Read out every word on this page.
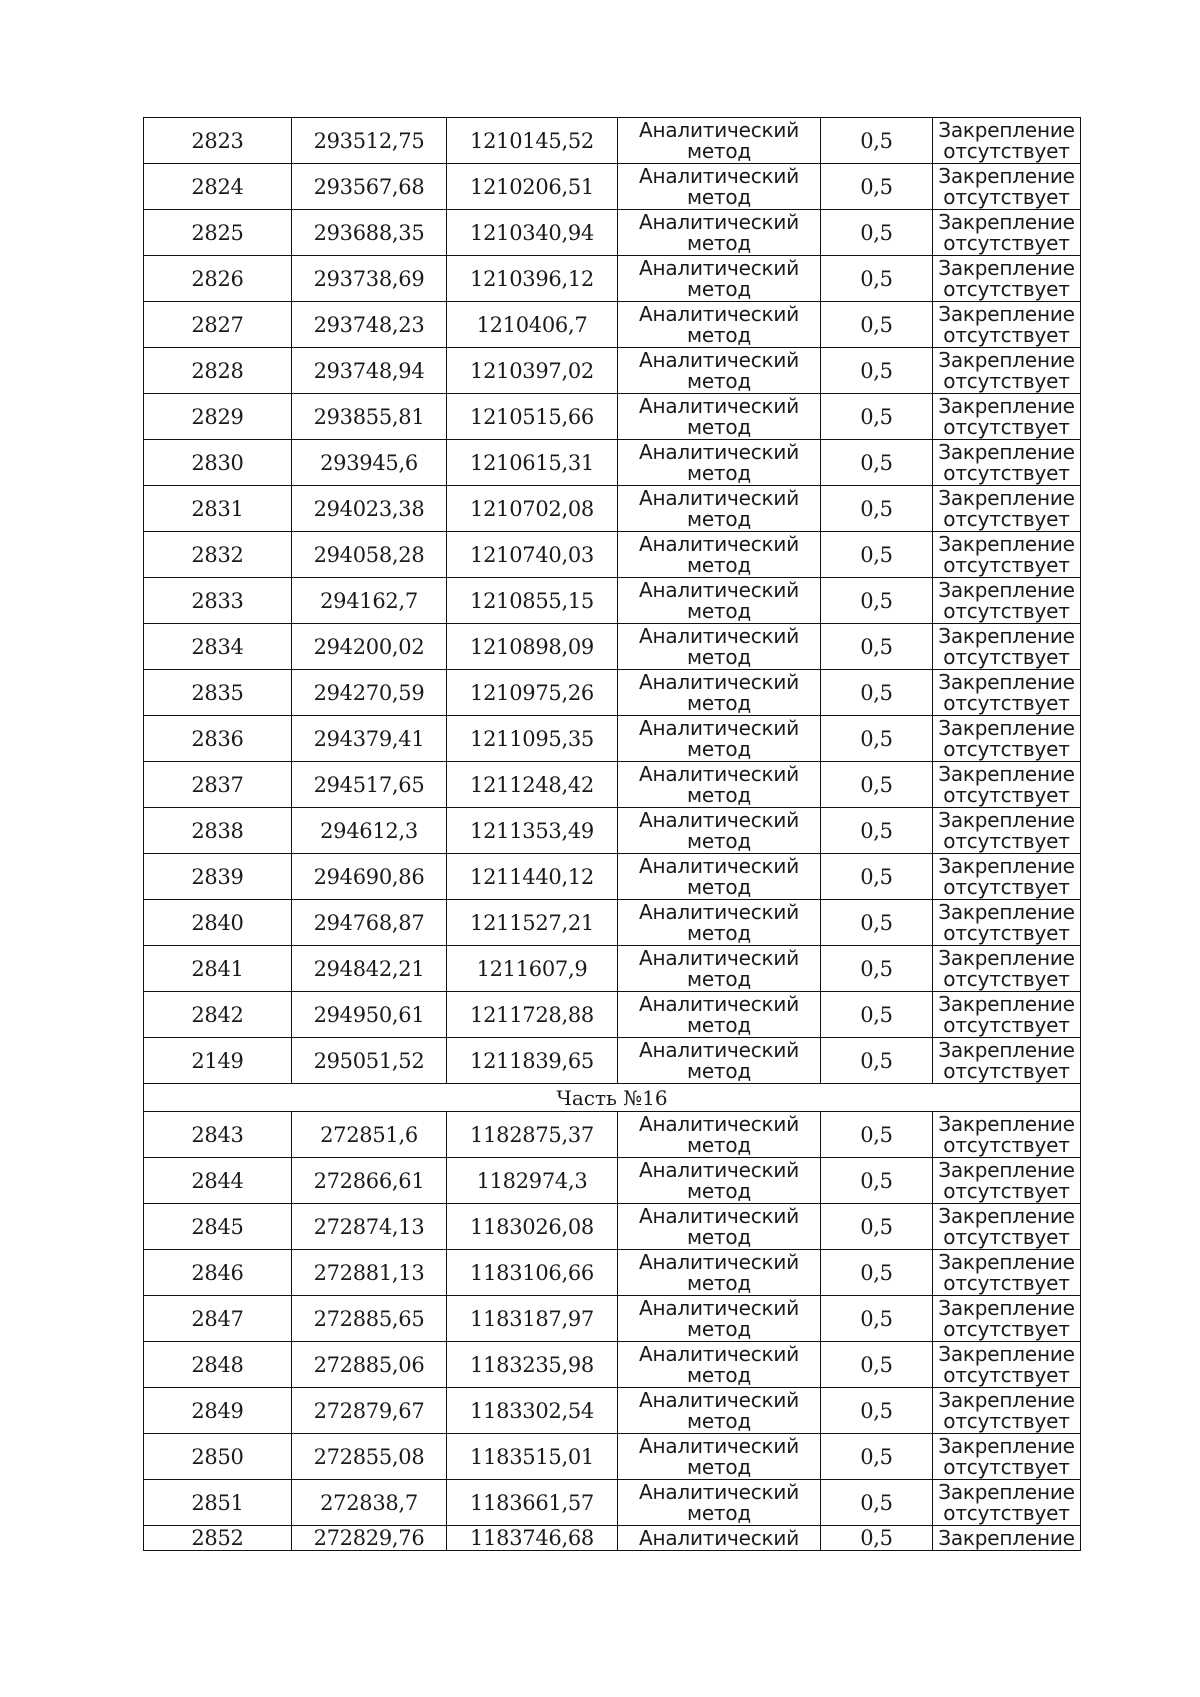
2823	293512,75	1210145,52	Аналитический
метод	0,5	Закрепление
отсутствует

2824	293567,68	1210206,51	Аналитический
метод	0,5	Закрепление
отсутствует

2825	293688,35	1210340,94	Аналитический
метод	0,5	Закрепление
отсутствует

2826	293738,69	1210396,12	Аналитический
метод	0,5	Закрепление
отсутствует

2827	293748,23	1210406,7	Аналитический
метод	0,5	Закрепление
отсутствует

2828	293748,94	1210397,02	Аналитический
метод	0,5	Закрепление
отсутствует

2829	293855,81	1210515,66	Аналитический
метод	0,5	Закрепление
отсутствует

2830	293945,6	1210615,31	Аналитический
метод	0,5	Закрепление
отсутствует

2831	294023,38	1210702,08	Аналитический
метод	0,5	Закрепление
отсутствует

2832	294058,28	1210740,03	Аналитический
метод	0,5	Закрепление
отсутствует

2833	294162,7	1210855,15	Аналитический
метод	0,5	Закрепление
отсутствует

2834	294200,02	1210898,09	Аналитический
метод	0,5	Закрепление
отсутствует

2835	294270,59	1210975,26	Аналитический
метод	0,5	Закрепление
отсутствует

2836	294379,41	1211095,35	Аналитический
метод	0,5	Закрепление
отсутствует

2837	294517,65	1211248,42	Аналитический
метод	0,5	Закрепление
отсутствует

2838	294612,3	1211353,49	Аналитический
метод	0,5	Закрепление
отсутствует

2839	294690,86	1211440,12	Аналитический
метод	0,5	Закрепление
отсутствует

2840	294768,87	1211527,21	Аналитический
метод	0,5	Закрепление
отсутствует

2841	294842,21	1211607,9	Аналитический
метод	0,5	Закрепление
отсутствует

2842	294950,61	1211728,88	Аналитический
метод	0,5	Закрепление
отсутствует

2149	295051,52	1211839,65	Аналитический
метод	0,5	Закрепление
отсутствует

Часть №16					
2843	272851,6	1182875,37	Аналитический
метод	0,5	Закрепление
отсутствует

2844	272866,61	1182974,3	Аналитический
метод	0,5	Закрепление
отсутствует

2845	272874,13	1183026,08	Аналитический
метод	0,5	Закрепление
отсутствует

2846	272881,13	1183106,66	Аналитический
метод	0,5	Закрепление
отсутствует

2847	272885,65	1183187,97	Аналитический
метод	0,5	Закрепление
отсутствует

2848	272885,06	1183235,98	Аналитический
метод	0,5	Закрепление
отсутствует

2849	272879,67	1183302,54	Аналитический
метод	0,5	Закрепление
отсутствует

2850	272855,08	1183515,01	Аналитический
метод	0,5	Закрепление
отсутствует

2851	272838,7	1183661,57	Аналитический
метод	0,5	Закрепление
отсутствует

2852	272829,76	1183746,68	Аналитический	0,5	Закрепление
